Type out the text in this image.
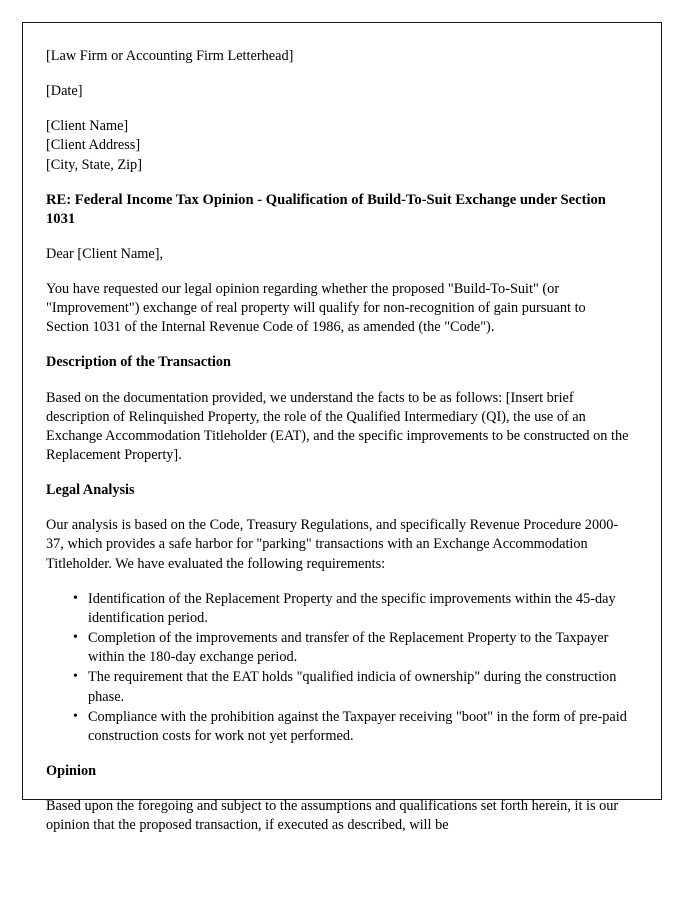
[Law Firm or Accounting Firm Letterhead]

[Date]

[Client Name]
[Client Address]
[City, State, Zip]

RE: Federal Income Tax Opinion - Qualification of Build-To-Suit Exchange under Section 1031

Dear [Client Name],

You have requested our legal opinion regarding whether the proposed "Build-To-Suit" (or "Improvement") exchange of real property will qualify for non-recognition of gain pursuant to Section 1031 of the Internal Revenue Code of 1986, as amended (the "Code").

Description of the Transaction

Based on the documentation provided, we understand the facts to be as follows: [Insert brief description of Relinquished Property, the role of the Qualified Intermediary (QI), the use of an Exchange Accommodation Titleholder (EAT), and the specific improvements to be constructed on the Replacement Property].

Legal Analysis

Our analysis is based on the Code, Treasury Regulations, and specifically Revenue Procedure 2000-37, which provides a safe harbor for "parking" transactions with an Exchange Accommodation Titleholder. We have evaluated the following requirements:

• Identification of the Replacement Property and the specific improvements within the 45-day identification period.
• Completion of the improvements and transfer of the Replacement Property to the Taxpayer within the 180-day exchange period.
• The requirement that the EAT holds "qualified indicia of ownership" during the construction phase.
• Compliance with the prohibition against the Taxpayer receiving "boot" in the form of pre-paid construction costs for work not yet performed.
Opinion

Based upon the foregoing and subject to the assumptions and qualifications set forth herein, it is our opinion that the proposed transaction, if executed as described, will be
